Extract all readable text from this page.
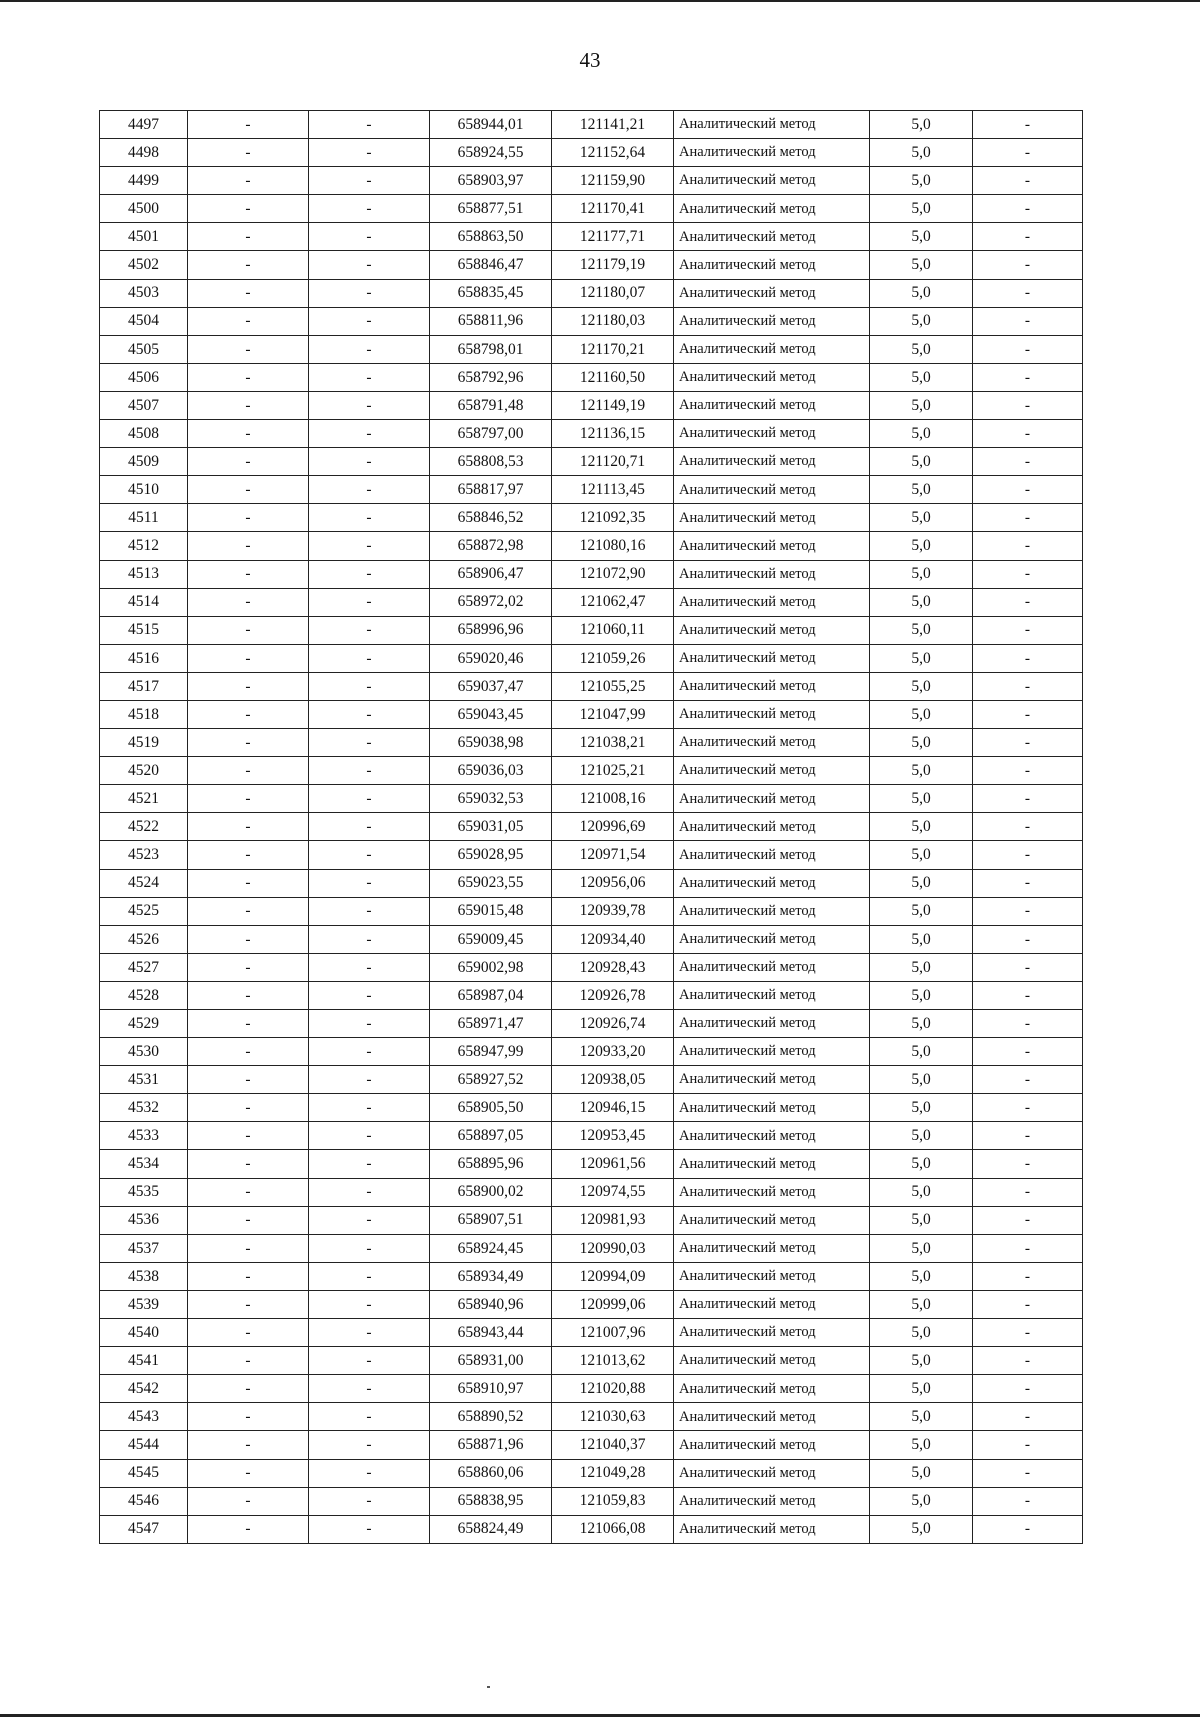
43
4497	-	-	658944,01	121141,21	Аналитический метод	5,0	-
4498	-	-	658924,55	121152,64	Аналитический метод	5,0	-
4499	-	-	658903,97	121159,90	Аналитический метод	5,0	-
4500	-	-	658877,51	121170,41	Аналитический метод	5,0	-
4501	-	-	658863,50	121177,71	Аналитический метод	5,0	-
4502	-	-	658846,47	121179,19	Аналитический метод	5,0	-
4503	-	-	658835,45	121180,07	Аналитический метод	5,0	-
4504	-	-	658811,96	121180,03	Аналитический метод	5,0	-
4505	-	-	658798,01	121170,21	Аналитический метод	5,0	-
4506	-	-	658792,96	121160,50	Аналитический метод	5,0	-
4507	-	-	658791,48	121149,19	Аналитический метод	5,0	-
4508	-	-	658797,00	121136,15	Аналитический метод	5,0	-
4509	-	-	658808,53	121120,71	Аналитический метод	5,0	-
4510	-	-	658817,97	121113,45	Аналитический метод	5,0	-
4511	-	-	658846,52	121092,35	Аналитический метод	5,0	-
4512	-	-	658872,98	121080,16	Аналитический метод	5,0	-
4513	-	-	658906,47	121072,90	Аналитический метод	5,0	-
4514	-	-	658972,02	121062,47	Аналитический метод	5,0	-
4515	-	-	658996,96	121060,11	Аналитический метод	5,0	-
4516	-	-	659020,46	121059,26	Аналитический метод	5,0	-
4517	-	-	659037,47	121055,25	Аналитический метод	5,0	-
4518	-	-	659043,45	121047,99	Аналитический метод	5,0	-
4519	-	-	659038,98	121038,21	Аналитический метод	5,0	-
4520	-	-	659036,03	121025,21	Аналитический метод	5,0	-
4521	-	-	659032,53	121008,16	Аналитический метод	5,0	-
4522	-	-	659031,05	120996,69	Аналитический метод	5,0	-
4523	-	-	659028,95	120971,54	Аналитический метод	5,0	-
4524	-	-	659023,55	120956,06	Аналитический метод	5,0	-
4525	-	-	659015,48	120939,78	Аналитический метод	5,0	-
4526	-	-	659009,45	120934,40	Аналитический метод	5,0	-
4527	-	-	659002,98	120928,43	Аналитический метод	5,0	-
4528	-	-	658987,04	120926,78	Аналитический метод	5,0	-
4529	-	-	658971,47	120926,74	Аналитический метод	5,0	-
4530	-	-	658947,99	120933,20	Аналитический метод	5,0	-
4531	-	-	658927,52	120938,05	Аналитический метод	5,0	-
4532	-	-	658905,50	120946,15	Аналитический метод	5,0	-
4533	-	-	658897,05	120953,45	Аналитический метод	5,0	-
4534	-	-	658895,96	120961,56	Аналитический метод	5,0	-
4535	-	-	658900,02	120974,55	Аналитический метод	5,0	-
4536	-	-	658907,51	120981,93	Аналитический метод	5,0	-
4537	-	-	658924,45	120990,03	Аналитический метод	5,0	-
4538	-	-	658934,49	120994,09	Аналитический метод	5,0	-
4539	-	-	658940,96	120999,06	Аналитический метод	5,0	-
4540	-	-	658943,44	121007,96	Аналитический метод	5,0	-
4541	-	-	658931,00	121013,62	Аналитический метод	5,0	-
4542	-	-	658910,97	121020,88	Аналитический метод	5,0	-
4543	-	-	658890,52	121030,63	Аналитический метод	5,0	-
4544	-	-	658871,96	121040,37	Аналитический метод	5,0	-
4545	-	-	658860,06	121049,28	Аналитический метод	5,0	-
4546	-	-	658838,95	121059,83	Аналитический метод	5,0	-
4547	-	-	658824,49	121066,08	Аналитический метод	5,0	-
